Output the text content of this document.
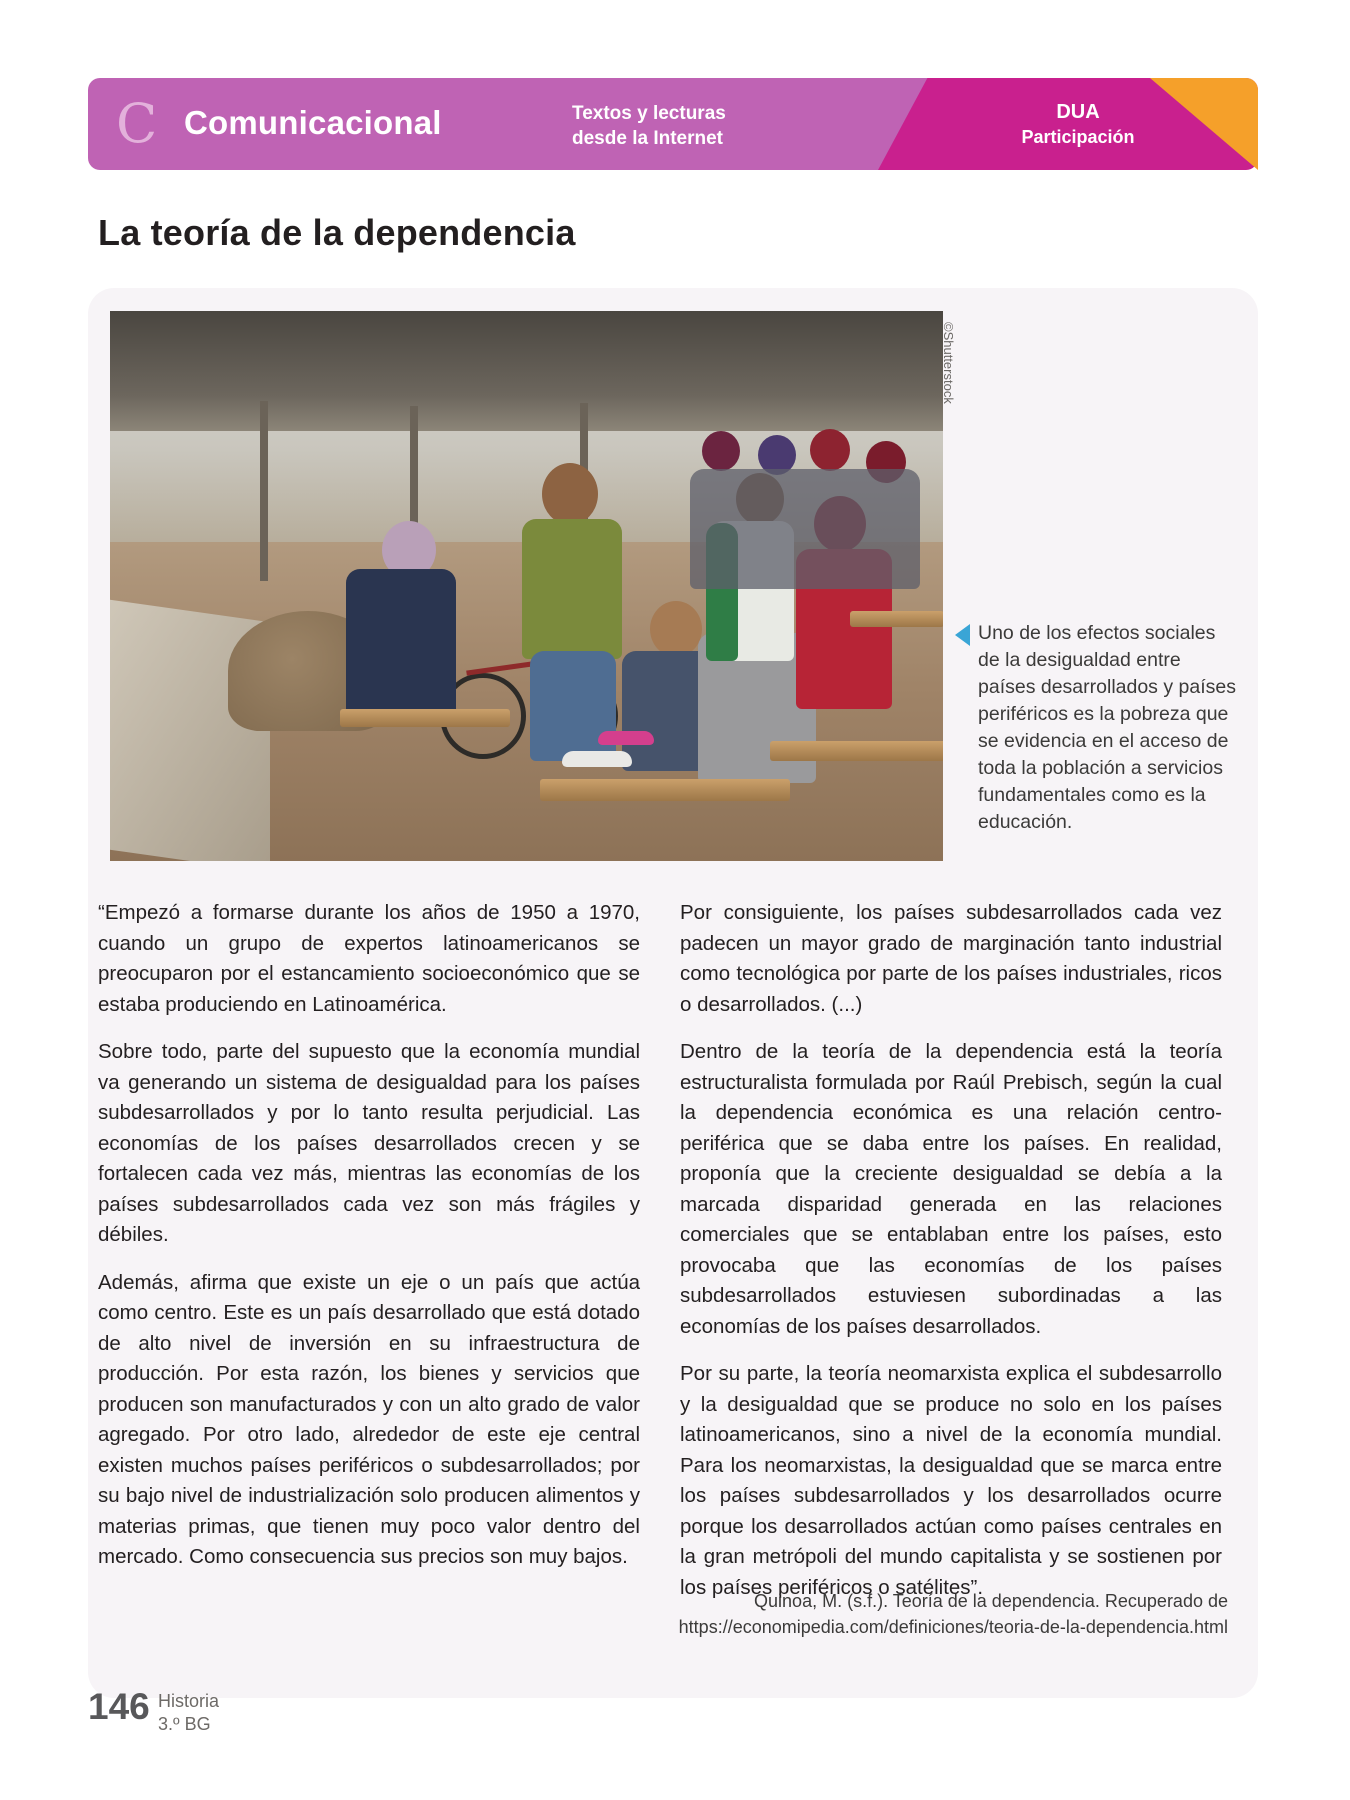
C Comunicacional	Textos y lecturas
desde la Internet
DUA
Participación
La teoría de la dependencia
©Shutterstock
Uno de los efectos sociales de la desigualdad entre países desarrollados y países periféricos es la pobreza que se evidencia en el acceso de toda la población a servicios fundamentales como es la educación.

“Empezó a formarse durante los años de 1950 a 1970, cuando un grupo de expertos latinoamericanos se preocuparon por el estancamiento socioeconómico que se estaba produciendo en Latinoamérica.

Sobre todo, parte del supuesto que la economía mundial va generando un sistema de desigualdad para los países subdesarrollados y por lo tanto resulta perjudicial. Las economías de los países desarrollados crecen y se fortalecen cada vez más, mientras las economías de los países subdesarrollados cada vez son más frágiles y débiles.

Además, afirma que existe un eje o un país que actúa como centro. Este es un país desarrollado que está dotado de alto nivel de inversión en su infraestructura de producción. Por esta razón, los bienes y servicios que producen son manufacturados y con un alto grado de valor agregado. Por otro lado, alrededor de este eje central existen muchos países periféricos o subdesarrollados; por su bajo nivel de industrialización solo producen alimentos y materias primas, que tienen muy poco valor dentro del mercado. Como consecuencia sus precios son muy bajos.

Por consiguiente, los países subdesarrollados cada vez padecen un mayor grado de marginación tanto industrial como tecnológica por parte de los países industriales, ricos o desarrollados. (...)

Dentro de la teoría de la dependencia está la teoría estructuralista formulada por Raúl Prebisch, según la cual la dependencia económica es una relación centro-periférica que se daba entre los países. En realidad, proponía que la creciente desigualdad se debía a la marcada disparidad generada en las relaciones comerciales que se entablaban entre los países, esto provocaba que las economías de los países subdesarrollados estuviesen subordinadas a las economías de los países desarrollados.

Por su parte, la teoría neomarxista explica el subdesarrollo y la desigualdad que se produce no solo en los países latinoamericanos, sino a nivel de la economía mundial. Para los neomarxistas, la desigualdad que se marca entre los países subdesarrollados y los desarrollados ocurre porque los desarrollados actúan como países centrales en la gran metrópoli del mundo capitalista y se sostienen por los países periféricos o satélites”.

Quinoa, M. (s.f.). Teoría de la dependencia. Recuperado de https://economipedia.com/definiciones/teoria-de-la-dependencia.html
146 Historia
3.º BG
